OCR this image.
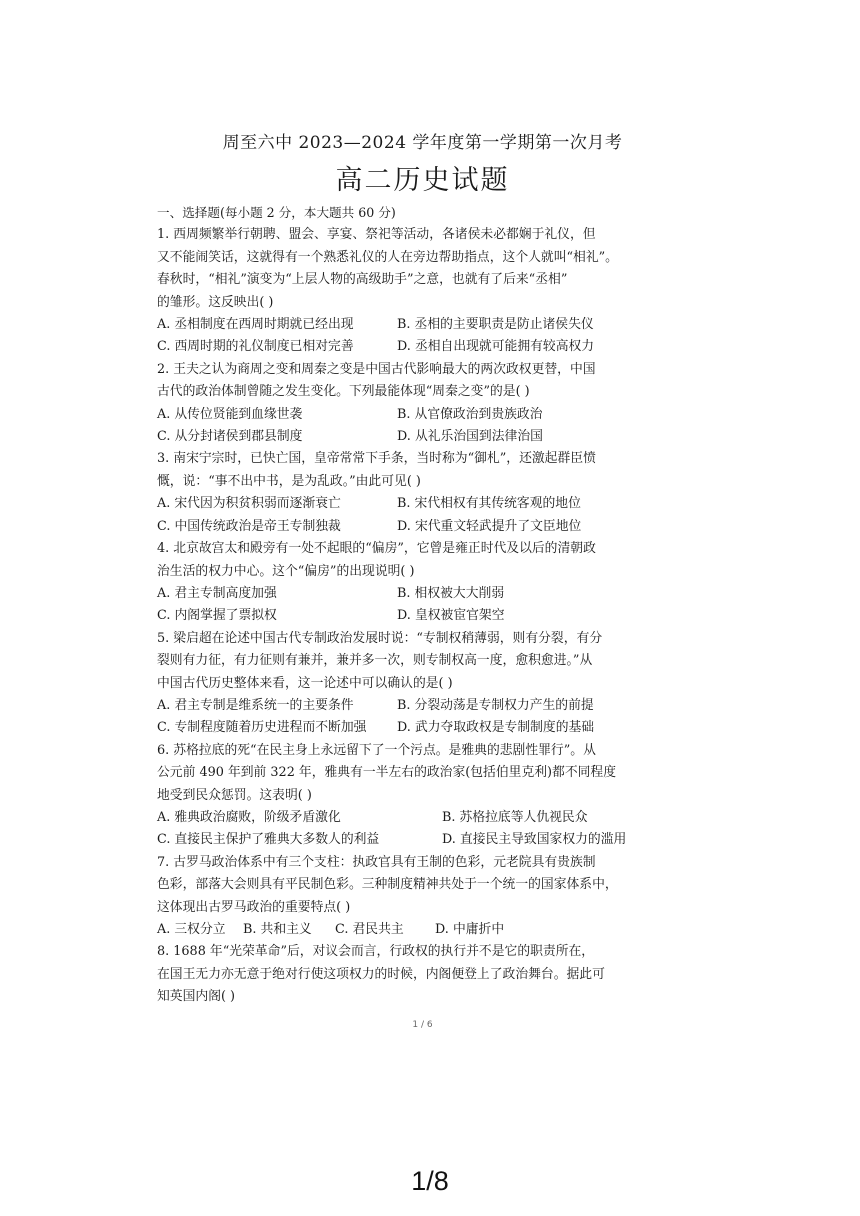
周至六中 2023—2024 学年度第一学期第一次月考
高二历史试题
一、选择题(每小题 2 分，本大题共 60 分)
1. 西周频繁举行朝聘、盟会、享宴、祭祀等活动，各诸侯未必都娴于礼仪，但
又不能闹笑话，这就得有一个熟悉礼仪的人在旁边帮助指点，这个人就叫“相礼”。
春秋时，“相礼”演变为“上层人物的高级助手”之意，也就有了后来“丞相”
的雏形。这反映出( )
A. 丞相制度在西周时期就已经出现	B. 丞相的主要职责是防止诸侯失仪
C. 西周时期的礼仪制度已相对完善	D. 丞相自出现就可能拥有较高权力
2. 王夫之认为商周之变和周秦之变是中国古代影响最大的两次政权更替，中国
古代的政治体制曾随之发生变化。下列最能体现“周秦之变”的是( )
A. 从传位贤能到血缘世袭	B. 从官僚政治到贵族政治
C. 从分封诸侯到郡县制度	D. 从礼乐治国到法律治国
3. 南宋宁宗时，已快亡国，皇帝常常下手条，当时称为“御札”，还激起群臣愤
慨，说：“事不出中书，是为乱政。”由此可见( )
A. 宋代因为积贫积弱而逐渐衰亡	B. 宋代相权有其传统客观的地位
C. 中国传统政治是帝王专制独裁	D. 宋代重文轻武提升了文臣地位
4. 北京故宫太和殿旁有一处不起眼的“偏房”，它曾是雍正时代及以后的清朝政
治生活的权力中心。这个“偏房”的出现说明( )
A. 君主专制高度加强	B. 相权被大大削弱
C. 内阁掌握了票拟权	D. 皇权被宦官架空
5. 梁启超在论述中国古代专制政治发展时说：“专制权稍薄弱，则有分裂，有分
裂则有力征，有力征则有兼并，兼并多一次，则专制权高一度，愈积愈进。”从
中国古代历史整体来看，这一论述中可以确认的是( )
A. 君主专制是维系统一的主要条件	B. 分裂动荡是专制权力产生的前提
C. 专制程度随着历史进程而不断加强	D. 武力夺取政权是专制制度的基础
6. 苏格拉底的死“在民主身上永远留下了一个污点。是雅典的悲剧性罪行”。从
公元前 490 年到前 322 年，雅典有一半左右的政治家(包括伯里克利)都不同程度
地受到民众惩罚。这表明( )
A. 雅典政治腐败，阶级矛盾激化	B. 苏格拉底等人仇视民众
C. 直接民主保护了雅典大多数人的利益	D. 直接民主导致国家权力的滥用
7. 古罗马政治体系中有三个支柱：执政官具有王制的色彩，元老院具有贵族制
色彩，部落大会则具有平民制色彩。三种制度精神共处于一个统一的国家体系中，
这体现出古罗马政治的重要特点( )
A. 三权分立	B. 共和主义	C. 君民共主	D. 中庸折中
8. 1688 年“光荣革命”后，对议会而言，行政权的执行并不是它的职责所在，
在国王无力亦无意于绝对行使这项权力的时候，内阁便登上了政治舞台。据此可
知英国内阁( )
1 / 6
1/8
